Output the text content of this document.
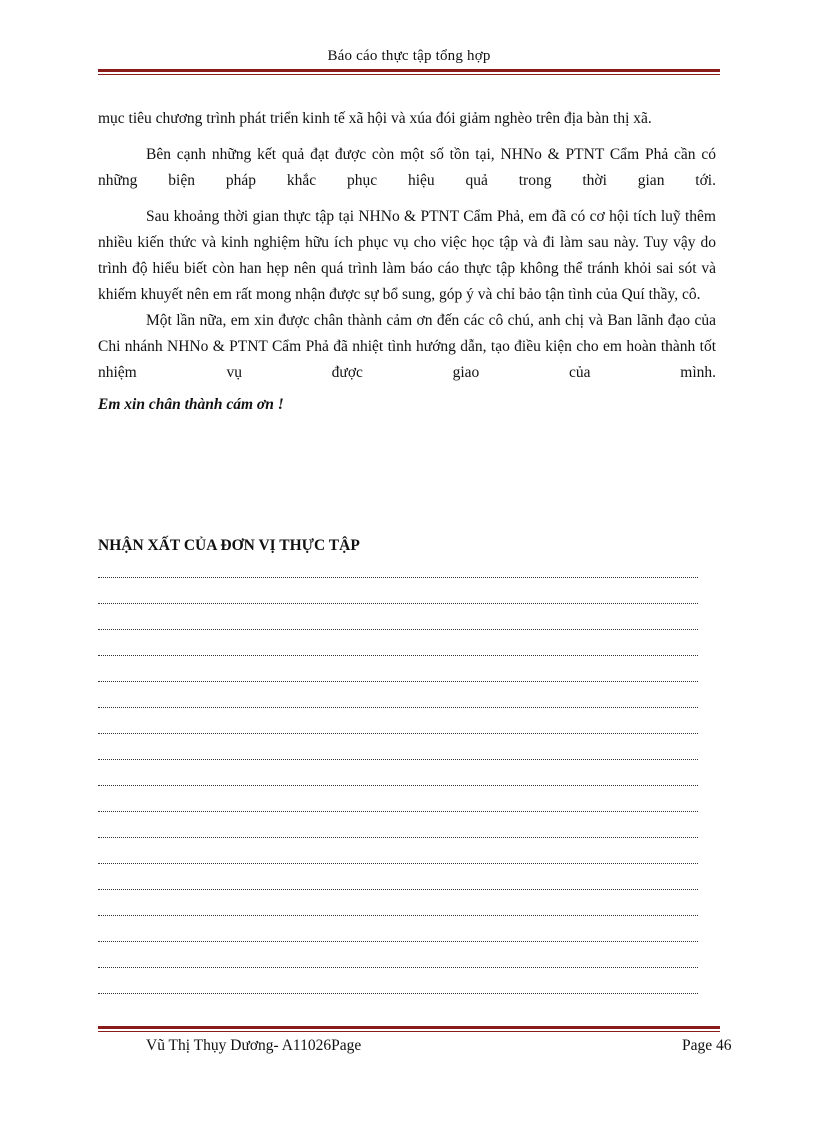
Báo cáo thực tập tổng hợp

mục tiêu chương trình phát triển kinh tế xã hội và xúa đói giảm nghèo trên địa bàn thị xã.

Bên cạnh những kết quả đạt được còn một số tồn tại, NHNo & PTNT Cẩm Phả cần có những biện pháp khắc phục hiệu quả trong thời gian tới.

Sau khoảng thời gian thực tập tại NHNo & PTNT Cẩm Phả, em đã có cơ hội tích luỹ thêm nhiều kiến thức và kinh nghiệm hữu ích phục vụ cho việc học tập và đi làm sau này. Tuy vậy do trình độ hiểu biết còn han hẹp nên quá trình làm báo cáo thực tập không thể tránh khỏi sai sót và khiếm khuyết nên em rất mong nhận được sự bổ sung, góp ý và chỉ bảo tận tình của Quí thầy, cô.

Một lần nữa, em xin được chân thành cảm ơn đến các cô chú, anh chị và Ban lãnh đạo của Chi nhánh NHNo & PTNT Cẩm Phả đã nhiệt tình hướng dẫn, tạo điều kiện cho em hoàn thành tốt nhiệm vụ được giao của mình.

Em xin chân thành cám ơn !

NHẬN XẤT CỦA ĐƠN VỊ THỰC TẬP
Vũ Thị Thụy Dương- A11026Page	Page 46
